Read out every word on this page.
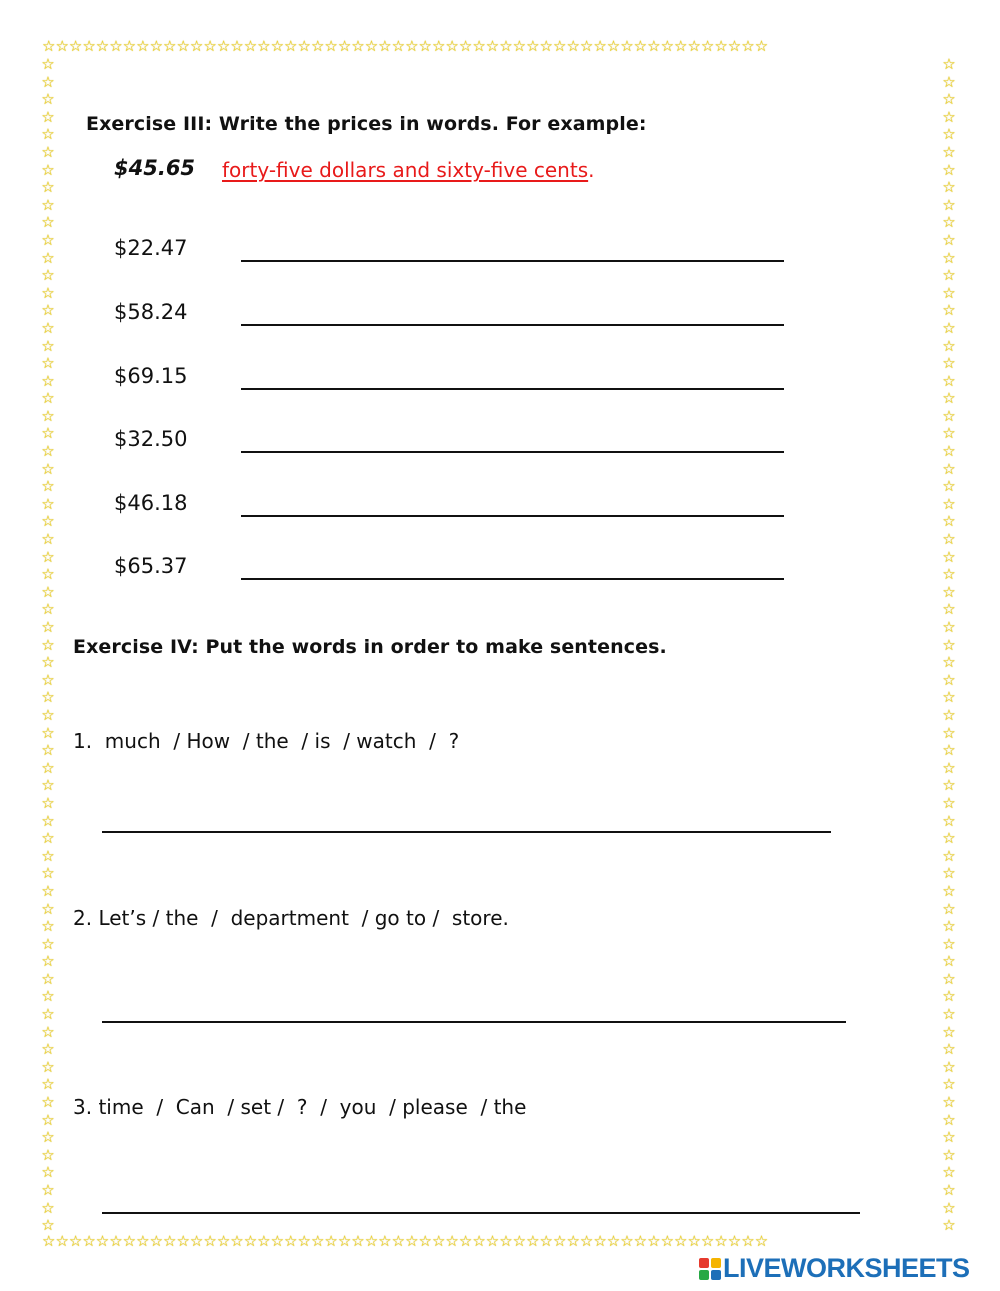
☆☆☆☆☆☆☆☆☆☆☆☆☆☆☆☆☆☆☆☆☆☆☆☆☆☆☆☆☆☆☆☆☆☆☆☆☆☆☆☆☆☆☆☆☆☆☆☆☆☆☆☆☆☆
☆☆☆☆☆☆☆☆☆☆☆☆☆☆☆☆☆☆☆☆☆☆☆☆☆☆☆☆☆☆☆☆☆☆☆☆☆☆☆☆☆☆☆☆☆☆☆☆☆☆☆☆☆☆
☆
☆
☆
☆
☆
☆
☆
☆
☆
☆
☆
☆
☆
☆
☆
☆
☆
☆
☆
☆
☆
☆
☆
☆
☆
☆
☆
☆
☆
☆
☆
☆
☆
☆
☆
☆
☆
☆
☆
☆
☆
☆
☆
☆
☆
☆
☆
☆
☆
☆
☆
☆
☆
☆
☆
☆
☆
☆
☆
☆
☆
☆
☆
☆
☆
☆
☆
☆
☆
☆
☆
☆
☆
☆
☆
☆
☆
☆
☆
☆
☆
☆
☆
☆
☆
☆
☆
☆
☆
☆
☆
☆
☆
☆
☆
☆
☆
☆
☆
☆
☆
☆
☆
☆
☆
☆
☆
☆
☆
☆
☆
☆
☆
☆
☆
☆
☆
☆
☆
☆
☆
☆
☆
☆
☆
☆
☆
☆
☆
☆
☆
☆
☆
☆
Exercise III: Write the prices in words. For example:
$45.65 forty-five dollars and sixty-five cents.
$22.47
$58.24
$69.15
$32.50
$46.18
$65.37
Exercise IV: Put the words in order to make sentences.
1.  much  / How  / the  / is  / watch  /  ?
2. Let’s / the  /  department  / go to /  store.
3. time  /  Can  / set /  ?  /  you  / please  / the
LIVEWORKSHEETS
